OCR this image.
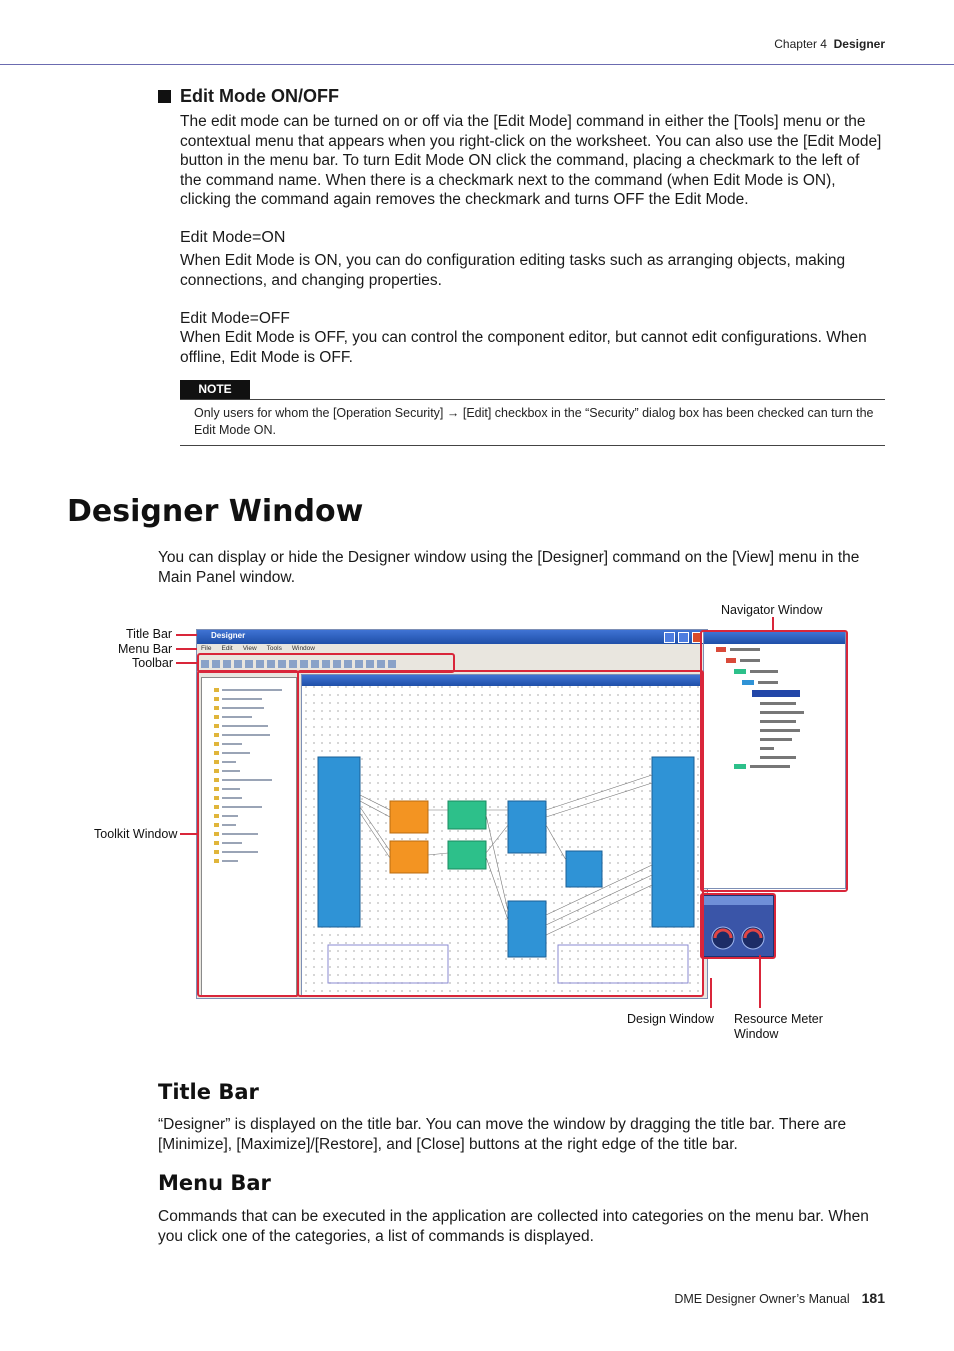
Chapter 4 Designer
Edit Mode ON/OFF
The edit mode can be turned on or off via the [Edit Mode] command in either the [Tools] menu or the contextual menu that appears when you right-click on the worksheet. You can also use the [Edit Mode] button in the menu bar. To turn Edit Mode ON click the command, placing a checkmark to the left of the command name. When there is a checkmark next to the command (when Edit Mode is ON), clicking the command again removes the checkmark and turns OFF the Edit Mode.
Edit Mode=ON
When Edit Mode is ON, you can do configuration editing tasks such as arranging objects, making connections, and changing properties.
Edit Mode=OFF
When Edit Mode is OFF, you can control the component editor, but cannot edit configurations. When offline, Edit Mode is OFF.
NOTE
Only users for whom the [Operation Security] → [Edit] checkbox in the “Security” dialog box has been checked can turn the Edit Mode ON.
Designer Window
You can display or hide the Designer window using the [Designer] command on the [View] menu in the Main Panel window.
Title Bar
Menu Bar
Toolbar
Toolkit Window
Navigator Window
Design Window Resource Meter Window
Designer
File Edit View Tools Window
Title Bar
“Designer” is displayed on the title bar. You can move the window by dragging the title bar. There are [Minimize], [Maximize]/[Restore], and [Close] buttons at the right edge of the title bar.
Menu Bar
Commands that can be executed in the application are collected into categories on the menu bar. When you click one of the categories, a list of commands is displayed.
DME Designer Owner’s Manual 181
